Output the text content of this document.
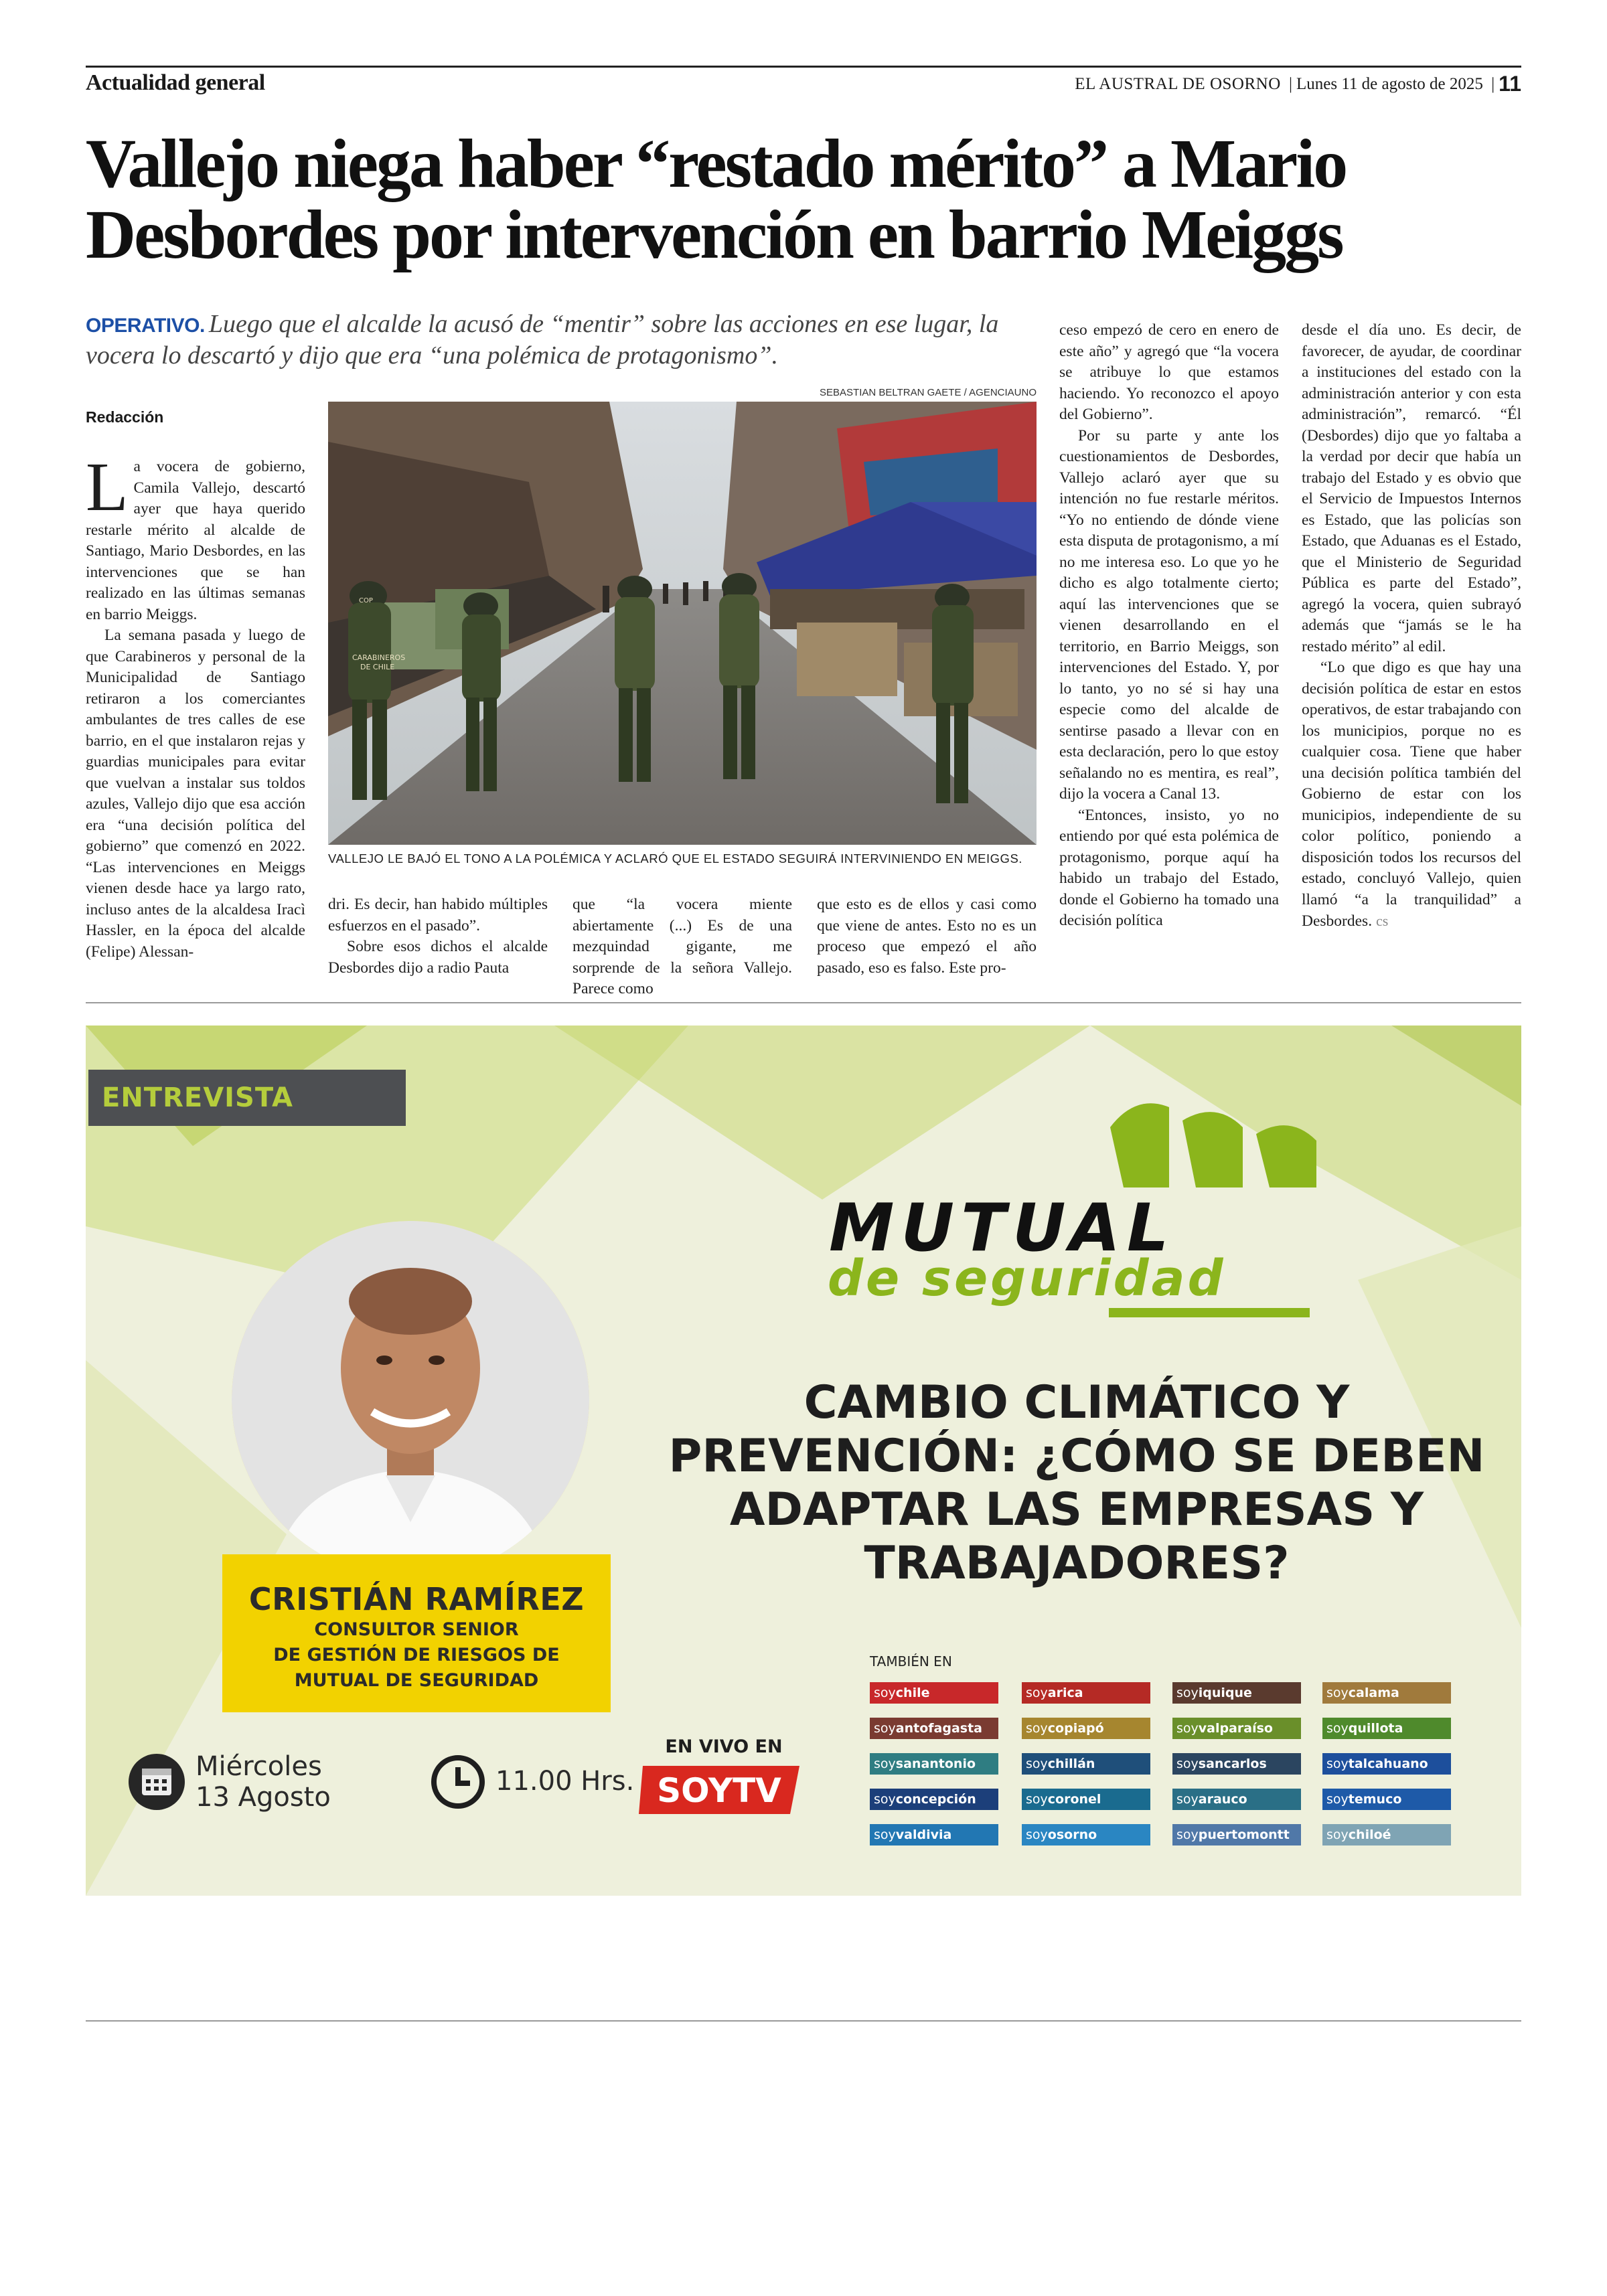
Actualidad general	EL AUSTRAL DE OSORNO | Lunes 11 de agosto de 2025 | 11
Vallejo niega haber “restado mérito” a Mario Desbordes por intervención en barrio Meiggs
OPERATIVO. Luego que el alcalde la acusó de “mentir” sobre las acciones en ese lugar, la vocera lo descartó y dijo que era “una polémica de protagonismo”.
Redacción

La vocera de gobierno, Camila Vallejo, descartó ayer que haya querido restarle mérito al alcalde de Santiago, Mario Desbordes, en las intervenciones que se han realizado en las últimas semanas en barrio Meiggs.

La semana pasada y luego de que Carabineros y personal de la Municipalidad de Santiago retiraron a los comerciantes ambulantes de tres calles de ese barrio, en el que instalaron rejas y guardias municipales para evitar que vuelvan a instalar sus toldos azules, Vallejo dijo que esa acción era “una decisión política del gobierno” que comenzó en 2022. “Las intervenciones en Meiggs vienen desde hace ya largo rato, incluso antes de la alcaldesa Iracì Hassler, en la época del alcalde (Felipe) Alessan-

SEBASTIAN BELTRAN GAETE / AGENCIAUNO
CARABINEROS
DE CHILE
COP
VALLEJO LE BAJÓ EL TONO A LA POLÉMICA Y ACLARÓ QUE EL ESTADO SEGUIRÁ INTERVINIENDO EN MEIGGS.

dri. Es decir, han habido múltiples esfuerzos en el pasado”.

Sobre esos dichos el alcalde Desbordes dijo a radio Pauta

que “la vocera miente abiertamente (...) Es de una mezquindad gigante, me sorprende de la señora Vallejo. Parece como

que esto es de ellos y casi como que viene de antes. Esto no es un proceso que empezó el año pasado, eso es falso. Este pro-

ceso empezó de cero en enero de este año” y agregó que “la vocera se atribuye lo que estamos haciendo. Yo reconozco el apoyo del Gobierno”.

Por su parte y ante los cuestionamientos de Desbordes, Vallejo aclaró ayer que su intención no fue restarle méritos. “Yo no entiendo de dónde viene esta disputa de protagonismo, a mí no me interesa eso. Lo que yo he dicho es algo totalmente cierto; aquí las intervenciones que se vienen desarrollando en el territorio, en Barrio Meiggs, son intervenciones del Estado. Y, por lo tanto, yo no sé si hay una especie como del alcalde de sentirse pasado a llevar con en esta declaración, pero lo que estoy señalando no es mentira, es real”, dijo la vocera a Canal 13.

“Entonces, insisto, yo no entiendo por qué esta polémica de protagonismo, porque aquí ha habido un trabajo del Estado, donde el Gobierno ha tomado una decisión política

desde el día uno. Es decir, de favorecer, de ayudar, de coordinar a instituciones del estado con la administración anterior y con esta administración”, remarcó. “Él (Desbordes) dijo que yo faltaba a la verdad por decir que había un trabajo del Estado y es obvio que el Servicio de Impuestos Internos es Estado, que las policías son Estado, que Aduanas es el Estado, que el Ministerio de Seguridad Pública es parte del Estado”, agregó la vocera, quien subrayó además que “jamás se le ha restado mérito” al edil.

“Lo que digo es que hay una decisión política de estar en estos operativos, de estar trabajando con los municipios, porque no es cualquier cosa. Tiene que haber una decisión política también del Gobierno de estar con los municipios, independiente de su color político, poniendo a disposición todos los recursos del estado, concluyó Vallejo, quien llamó “a la tranquilidad” a Desbordes. cs

ENTREVISTA
CRISTIÁN RAMÍREZ
CONSULTOR SENIOR
DE GESTIÓN DE RIESGOS DE
MUTUAL DE SEGURIDAD
MUTUAL
de seguridad
CAMBIO CLIMÁTICO Y PREVENCIÓN: ¿CÓMO SE DEBEN ADAPTAR LAS EMPRESAS Y TRABAJADORES?
Miércoles
13 Agosto
11.00 Hrs.
EN VIVO EN
SOYTV
TAMBIÉN EN
soychile	soyarica	soyiquique	soycalama
soyantofagasta	soycopiapó	soyvalparaíso	soyquillota
soysanantonio	soychillán	soysancarlos	soytalcahuano
soyconcepción	soycoronel	soyarauco	soytemuco
soyvaldivia	soyosorno	soypuertomontt	soychiloé
